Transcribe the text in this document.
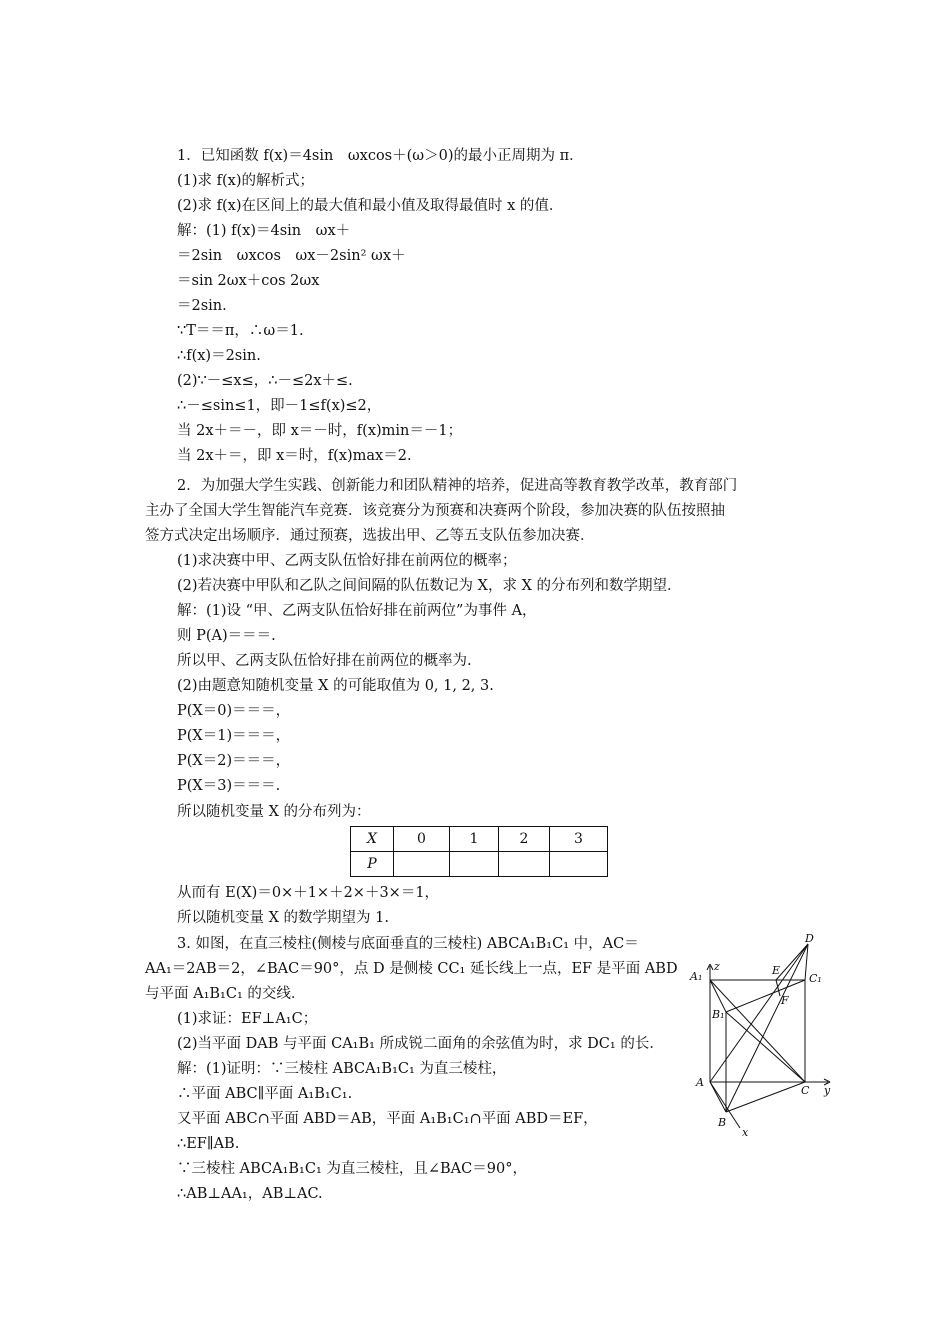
1．已知函数 f(x)＝4sin　ωxcos＋(ω＞0)的最小正周期为 π．
(1)求 f(x)的解析式；
(2)求 f(x)在区间上的最大值和最小值及取得最值时 x 的值．
解：(1) f(x)＝4sin　ωx＋
＝2sin　ωxcos　ωx－2sin² ωx＋
＝sin 2ωx＋cos 2ωx
＝2sin.
∵T＝＝π，∴ω＝1.
∴f(x)＝2sin.
(2)∵－≤x≤，∴－≤2x＋≤.
∴－≤sin≤1，即－1≤f(x)≤2，
当 2x＋＝－，即 x＝－时，f(x)min＝－1；
当 2x＋＝，即 x＝时，f(x)max＝2.
2．为加强大学生实践、创新能力和团队精神的培养，促进高等教育教学改革，教育部门
主办了全国大学生智能汽车竞赛．该竞赛分为预赛和决赛两个阶段，参加决赛的队伍按照抽
签方式决定出场顺序．通过预赛，选拔出甲、乙等五支队伍参加决赛．
(1)求决赛中甲、乙两支队伍恰好排在前两位的概率；
(2)若决赛中甲队和乙队之间间隔的队伍数记为 X，求 X 的分布列和数学期望．
解：(1)设 “甲、乙两支队伍恰好排在前两位”为事件 A，
则 P(A)＝＝＝.
所以甲、乙两支队伍恰好排在前两位的概率为.
(2)由题意知随机变量 X 的可能取值为 0, 1, 2, 3.
P(X＝0)＝＝＝，
P(X＝1)＝＝＝，
P(X＝2)＝＝＝，
P(X＝3)＝＝＝.
所以随机变量 X 的分布列为：
X	0	1	2	3
P				
从而有 E(X)＝0×＋1×＋2×＋3×＝1，
所以随机变量 X 的数学期望为 1.
3. 如图，在直三棱柱(侧棱与底面垂直的三棱柱) ABCA₁B₁C₁ 中，AC＝
AA₁＝2AB＝2，∠BAC＝90°，点 D 是侧棱 CC₁ 延长线上一点，EF 是平面 ABD
与平面 A₁B₁C₁ 的交线．
(1)求证：EF⊥A₁C；
(2)当平面 DAB 与平面 CA₁B₁ 所成锐二面角的余弦值为时，求 DC₁ 的长．
解：(1)证明：∵三棱柱 ABCA₁B₁C₁ 为直三棱柱，
∴平面 ABC∥平面 A₁B₁C₁.
又平面 ABC∩平面 ABD＝AB，平面 A₁B₁C₁∩平面 ABD＝EF，
∴EF∥AB.
∵三棱柱 ABCA₁B₁C₁ 为直三棱柱，且∠BAC＝90°，
∴AB⊥AA₁，AB⊥AC.
D
z
A₁	E
C₁
F
B₁
A
C y
B
x
